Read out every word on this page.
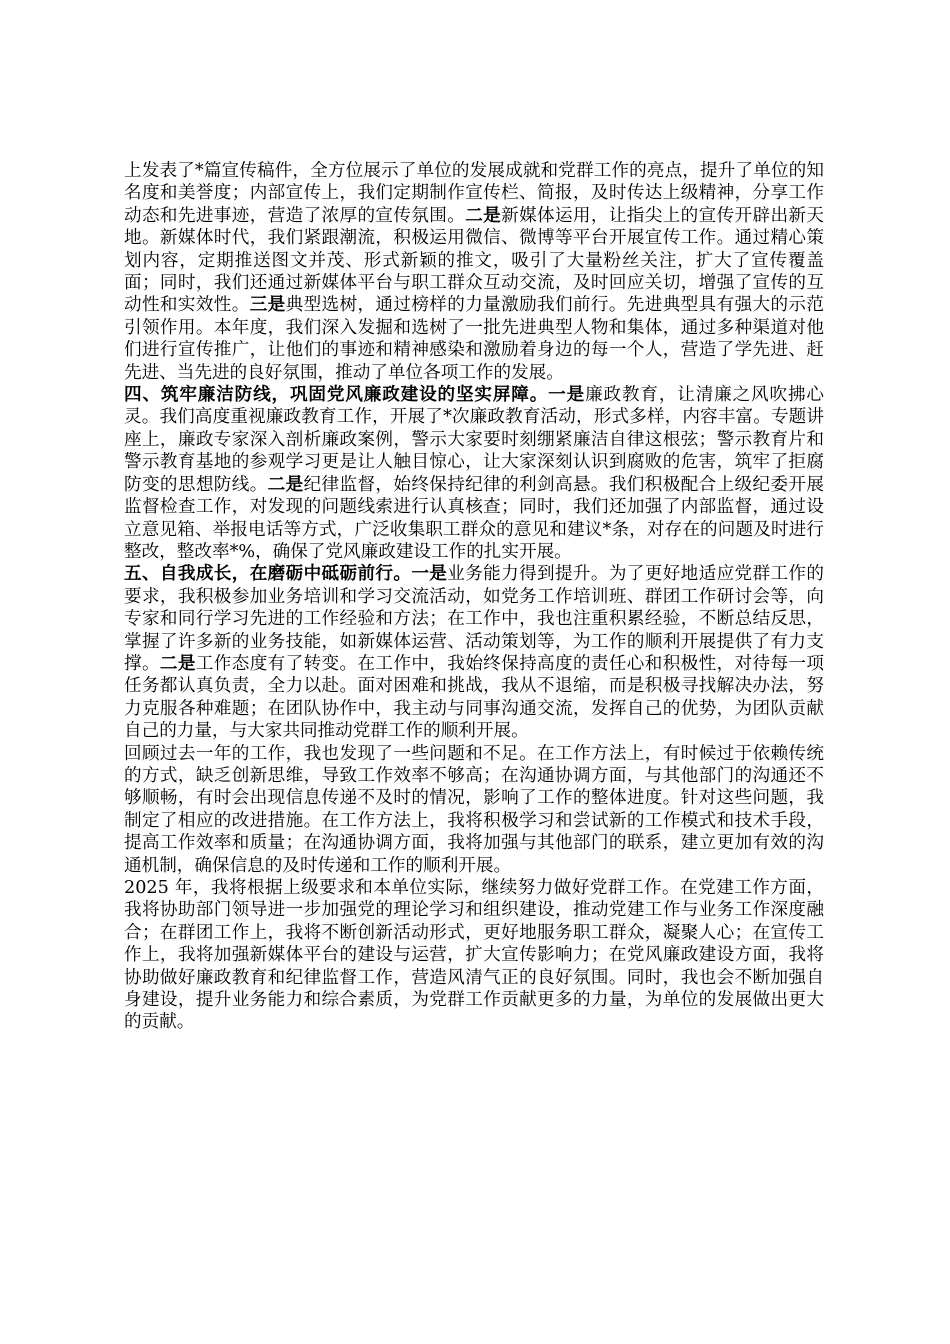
上发表了*篇宣传稿件，全方位展示了单位的发展成就和党群工作的亮点，提升了单位的知名度和美誉度；内部宣传上，我们定期制作宣传栏、简报，及时传达上级精神，分享工作动态和先进事迹，营造了浓厚的宣传氛围。二是新媒体运用，让指尖上的宣传开辟出新天地。新媒体时代，我们紧跟潮流，积极运用微信、微博等平台开展宣传工作。通过精心策划内容，定期推送图文并茂、形式新颖的推文，吸引了大量粉丝关注，扩大了宣传覆盖面；同时，我们还通过新媒体平台与职工群众互动交流，及时回应关切，增强了宣传的互动性和实效性。三是典型选树，通过榜样的力量激励我们前行。先进典型具有强大的示范引领作用。本年度，我们深入发掘和选树了一批先进典型人物和集体，通过多种渠道对他们进行宣传推广，让他们的事迹和精神感染和激励着身边的每一个人，营造了学先进、赶先进、当先进的良好氛围，推动了单位各项工作的发展。

四、筑牢廉洁防线，巩固党风廉政建设的坚实屏障。一是廉政教育，让清廉之风吹拂心灵。我们高度重视廉政教育工作，开展了*次廉政教育活动，形式多样，内容丰富。专题讲座上，廉政专家深入剖析廉政案例，警示大家要时刻绷紧廉洁自律这根弦；警示教育片和警示教育基地的参观学习更是让人触目惊心，让大家深刻认识到腐败的危害，筑牢了拒腐防变的思想防线。二是纪律监督，始终保持纪律的利剑高悬。我们积极配合上级纪委开展监督检查工作，对发现的问题线索进行认真核查；同时，我们还加强了内部监督，通过设立意见箱、举报电话等方式，广泛收集职工群众的意见和建议*条，对存在的问题及时进行整改，整改率*%，确保了党风廉政建设工作的扎实开展。

五、自我成长，在磨砺中砥砺前行。一是业务能力得到提升。为了更好地适应党群工作的要求，我积极参加业务培训和学习交流活动，如党务工作培训班、群团工作研讨会等，向专家和同行学习先进的工作经验和方法；在工作中，我也注重积累经验，不断总结反思，掌握了许多新的业务技能，如新媒体运营、活动策划等，为工作的顺利开展提供了有力支撑。二是工作态度有了转变。在工作中，我始终保持高度的责任心和积极性，对待每一项任务都认真负责，全力以赴。面对困难和挑战，我从不退缩，而是积极寻找解决办法，努力克服各种难题；在团队协作中，我主动与同事沟通交流，发挥自己的优势，为团队贡献自己的力量，与大家共同推动党群工作的顺利开展。

回顾过去一年的工作，我也发现了一些问题和不足。在工作方法上，有时候过于依赖传统的方式，缺乏创新思维，导致工作效率不够高；在沟通协调方面，与其他部门的沟通还不够顺畅，有时会出现信息传递不及时的情况，影响了工作的整体进度。针对这些问题，我制定了相应的改进措施。在工作方法上，我将积极学习和尝试新的工作模式和技术手段，提高工作效率和质量；在沟通协调方面，我将加强与其他部门的联系，建立更加有效的沟通机制，确保信息的及时传递和工作的顺利开展。

2025 年，我将根据上级要求和本单位实际，继续努力做好党群工作。在党建工作方面，我将协助部门领导进一步加强党的理论学习和组织建设，推动党建工作与业务工作深度融合；在群团工作上，我将不断创新活动形式，更好地服务职工群众，凝聚人心；在宣传工作上，我将加强新媒体平台的建设与运营，扩大宣传影响力；在党风廉政建设方面，我将协助做好廉政教育和纪律监督工作，营造风清气正的良好氛围。同时，我也会不断加强自身建设，提升业务能力和综合素质，为党群工作贡献更多的力量，为单位的发展做出更大的贡献。
